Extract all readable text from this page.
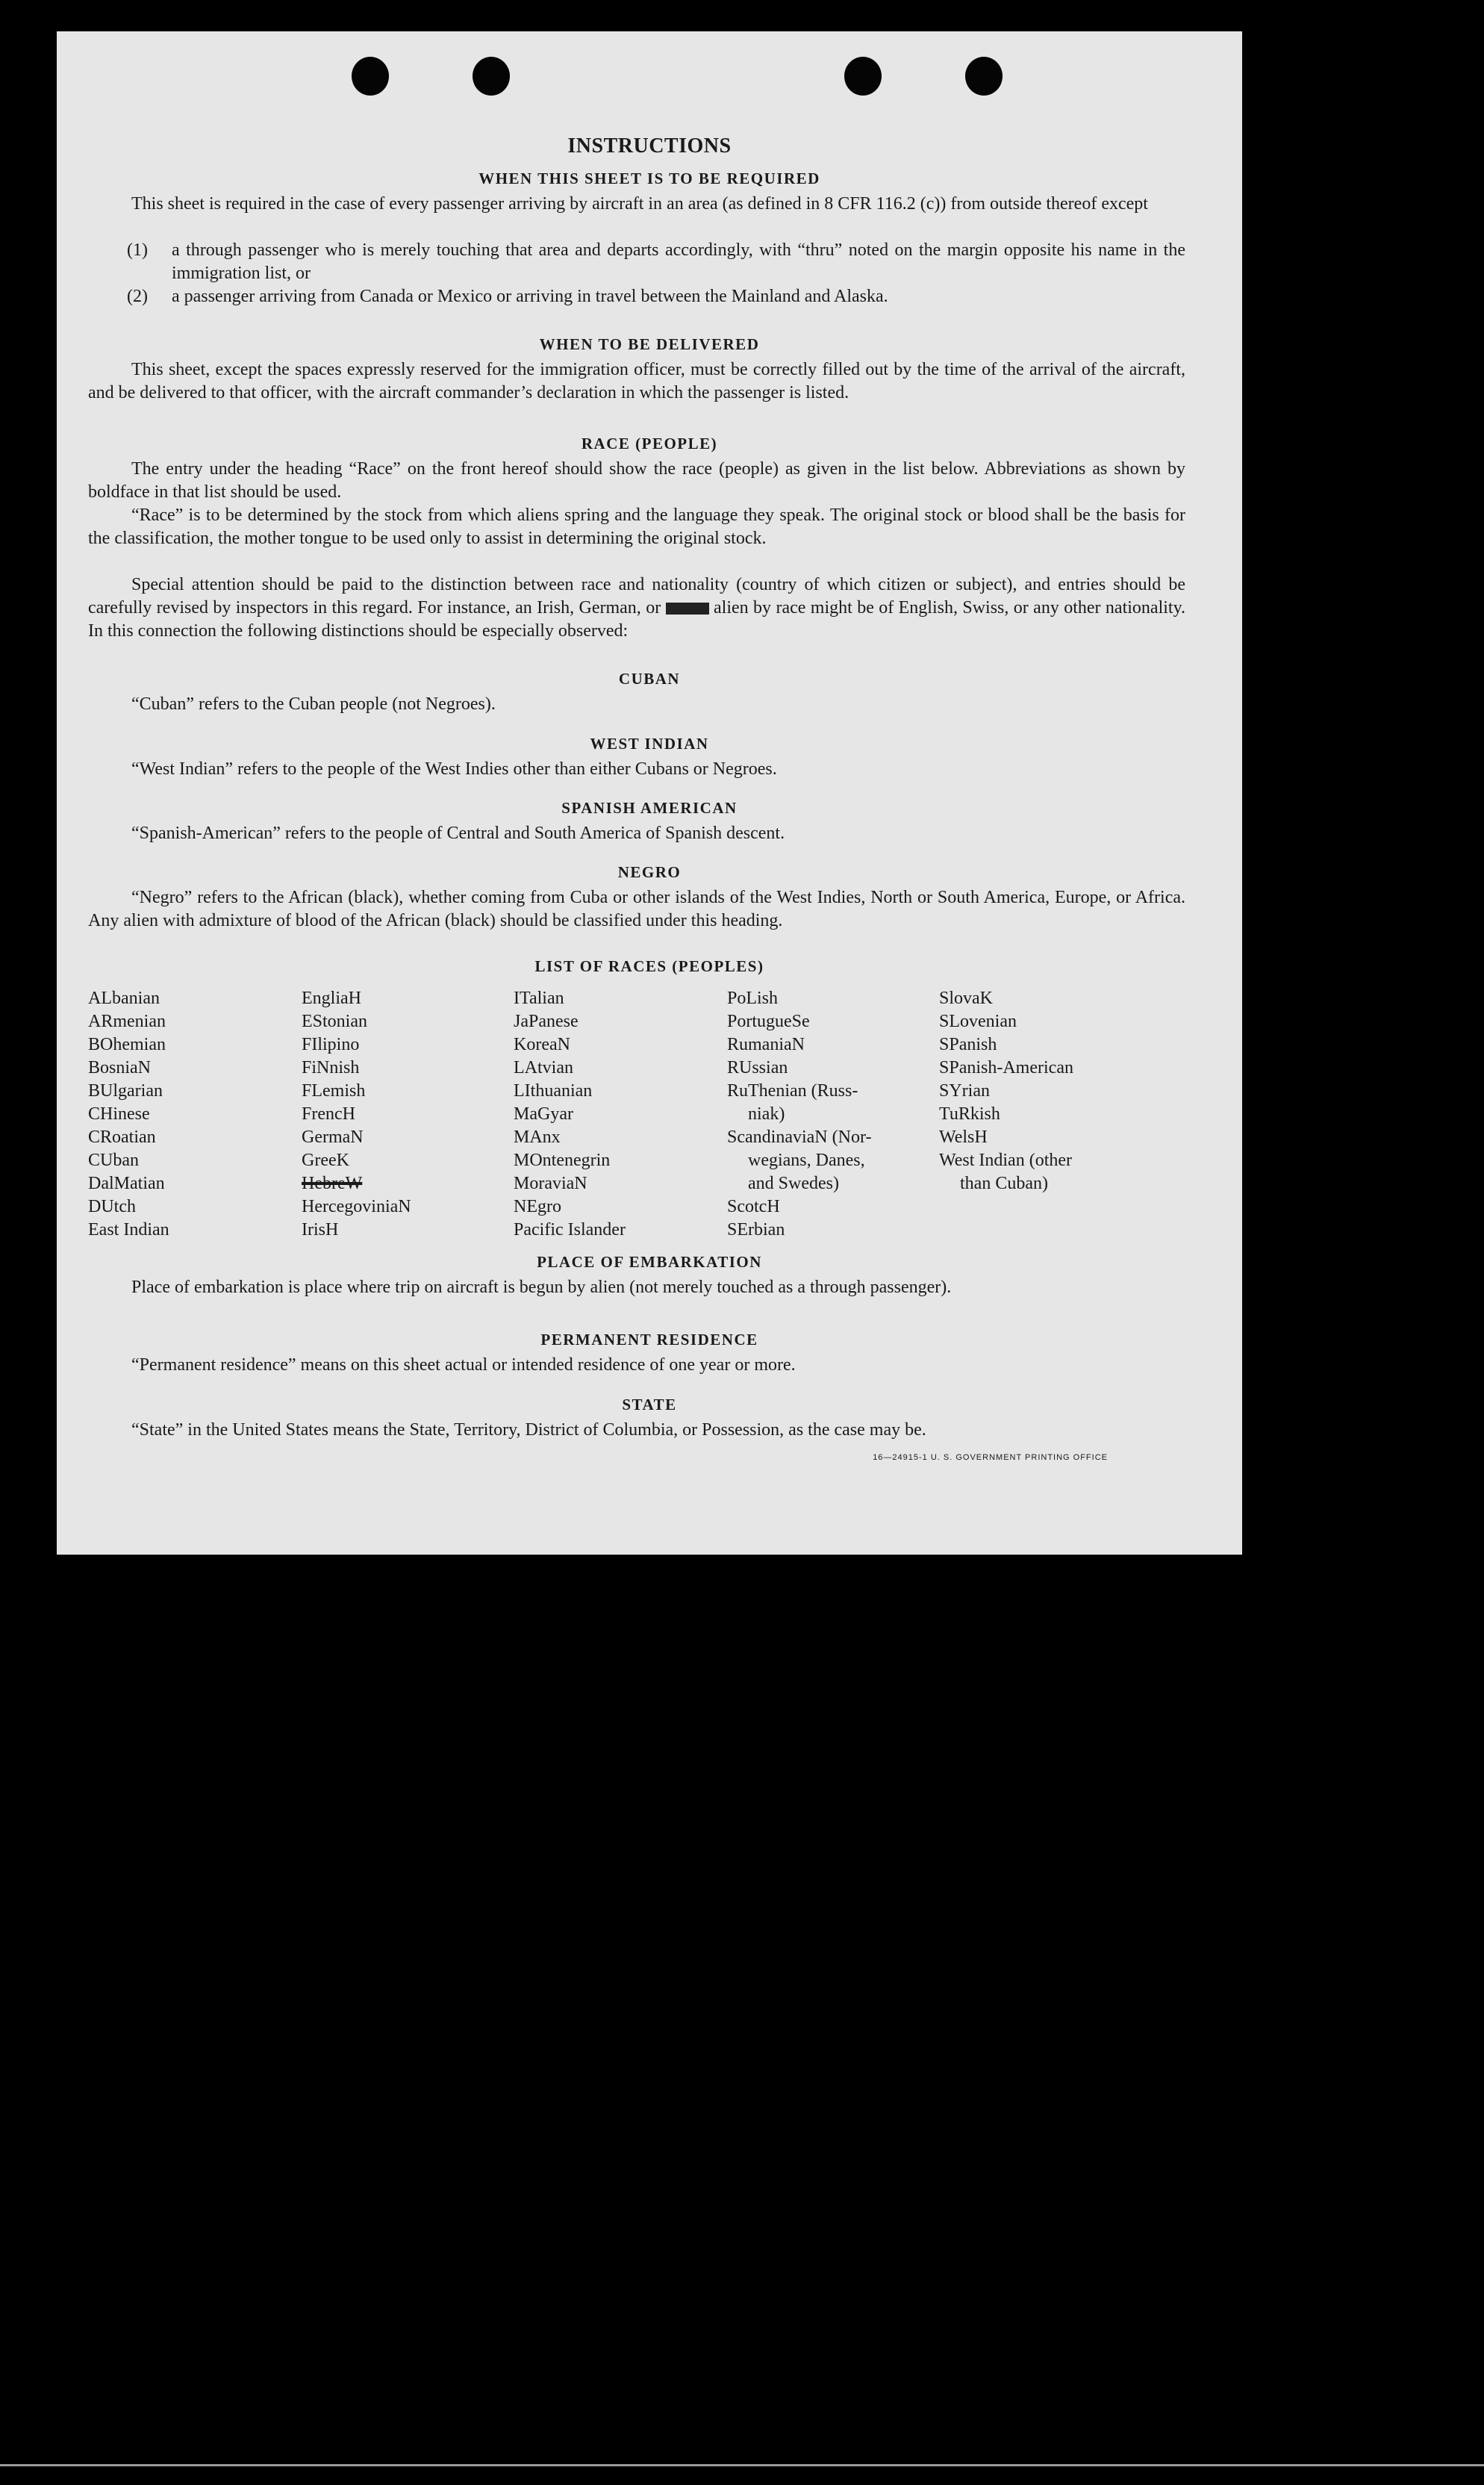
INSTRUCTIONS
WHEN THIS SHEET IS TO BE REQUIRED
This sheet is required in the case of every passenger arriving by aircraft in an area (as defined in 8 CFR 116.2 (c)) from outside thereof except
(1) a through passenger who is merely touching that area and departs accordingly, with “thru” noted on the margin opposite his name in the immigration list, or
(2) a passenger arriving from Canada or Mexico or arriving in travel between the Mainland and Alaska.
WHEN TO BE DELIVERED
This sheet, except the spaces expressly reserved for the immigration officer, must be correctly filled out by the time of the arrival of the aircraft, and be delivered to that officer, with the aircraft commander’s declaration in which the passenger is listed.
RACE (PEOPLE)
The entry under the heading “Race” on the front hereof should show the race (people) as given in the list below. Abbreviations as shown by boldface in that list should be used.
“Race” is to be determined by the stock from which aliens spring and the language they speak. The original stock or blood shall be the basis for the classification, the mother tongue to be used only to assist in determining the original stock.
Special attention should be paid to the distinction between race and nationality (country of which citizen or subject), and entries should be carefully revised by inspectors in this regard. For instance, an Irish, German, or	alien by race might be of English, Swiss, or any other nationality. In this connection the following distinctions should be especially observed:
CUBAN
“Cuban” refers to the Cuban people (not Negroes).
WEST INDIAN
“West Indian” refers to the people of the West Indies other than either Cubans or Negroes.
SPANISH AMERICAN
“Spanish-American” refers to the people of Central and South America of Spanish descent.
NEGRO
“Negro” refers to the African (black), whether coming from Cuba or other islands of the West Indies, North or South America, Europe, or Africa. Any alien with admixture of blood of the African (black) should be classified under this heading.
LIST OF RACES (PEOPLES)
ALbanian
ARmenian
BOhemian
BosniaN
BUlgarian
CHinese
CRoatian
CUban
DalMatian
DUtch
East Indian
EngliaH
EStonian
FIlipino
FiNnish
FLemish
FrencH
GermaN
GreeK
HebreW
HercegoviniaN
IrisH
ITalian
JaPanese
KoreaN
LAtvian
LIthuanian
MaGyar
MAnx
MOntenegrin
MoraviaN
NEgro
Pacific Islander
PoLish
PortugueSe
RumaniaN
RUssian
RuThenian (Russ-
niak)
ScandinaviaN (Nor-
wegians, Danes,
and Swedes)
ScotcH
SErbian
SlovaK
SLovenian
SPanish
SPanish-American
SYrian
TuRkish
WelsH
West Indian (other
than Cuban)
PLACE OF EMBARKATION
Place of embarkation is place where trip on aircraft is begun by alien (not merely touched as a through passenger).
PERMANENT RESIDENCE
“Permanent residence” means on this sheet actual or intended residence of one year or more.
STATE
“State” in the United States means the State, Territory, District of Columbia, or Possession, as the case may be.
16—24915-1 U. S. GOVERNMENT PRINTING OFFICE
